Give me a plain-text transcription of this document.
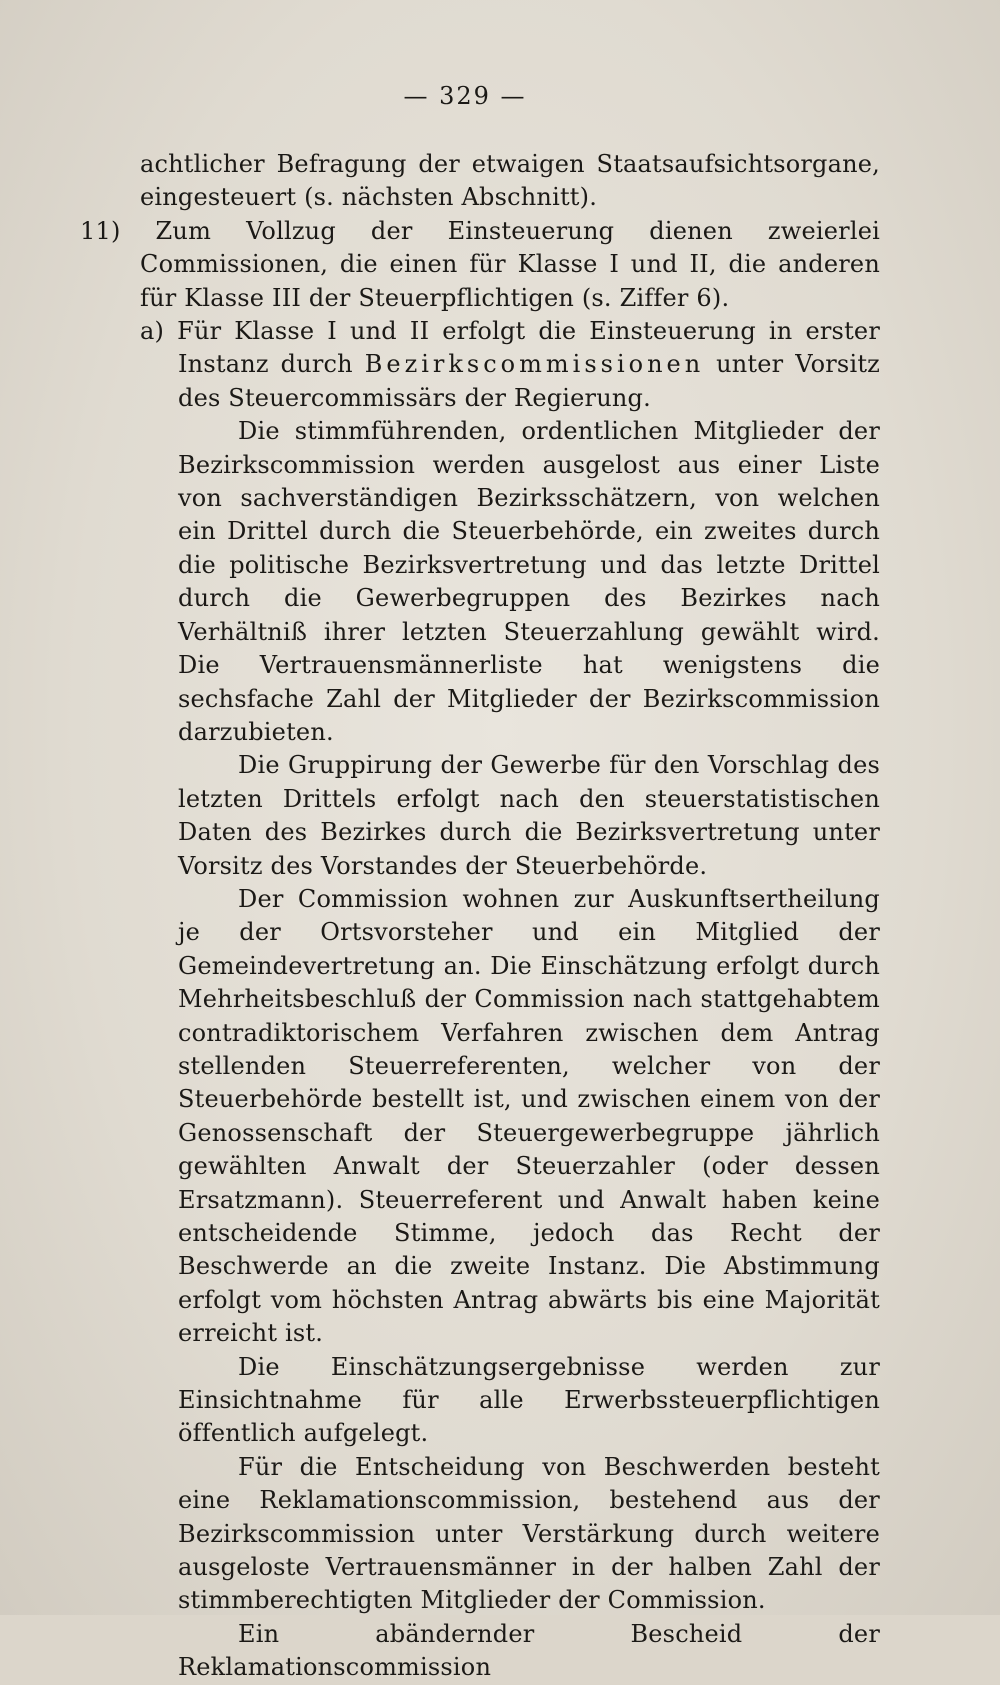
— 329 —

achtlicher Befragung der etwaigen Staatsaufsichtsorgane, eingesteuert (s. nächsten Abschnitt).

11) Zum Vollzug der Einsteuerung dienen zweierlei Commissionen, die einen für Klasse I und II, die anderen für Klasse III der Steuerpflichtigen (s. Ziffer 6).

a) Für Klasse I und II erfolgt die Einsteuerung in erster Instanz durch Bezirkscommissionen unter Vorsitz des Steuercommissärs der Regierung.

Die stimmführenden, ordentlichen Mitglieder der Bezirkscommission werden ausgelost aus einer Liste von sachverständigen Bezirksschätzern, von welchen ein Drittel durch die Steuerbehörde, ein zweites durch die politische Bezirksvertretung und das letzte Drittel durch die Gewerbegruppen des Bezirkes nach Verhältniß ihrer letzten Steuerzahlung gewählt wird. Die Vertrauensmännerliste hat wenigstens die sechsfache Zahl der Mitglieder der Bezirkscommission darzubieten.

Die Gruppirung der Gewerbe für den Vorschlag des letzten Drittels erfolgt nach den steuerstatistischen Daten des Bezirkes durch die Bezirksvertretung unter Vorsitz des Vorstandes der Steuerbehörde.

Der Commission wohnen zur Auskunftsertheilung je der Ortsvorsteher und ein Mitglied der Gemeindevertretung an. Die Einschätzung erfolgt durch Mehrheitsbeschluß der Commission nach stattgehabtem contradiktorischem Verfahren zwischen dem Antrag stellenden Steuerreferenten, welcher von der Steuerbehörde bestellt ist, und zwischen einem von der Genossenschaft der Steuergewerbegruppe jährlich gewählten Anwalt der Steuerzahler (oder dessen Ersatzmann). Steuerreferent und Anwalt haben keine entscheidende Stimme, jedoch das Recht der Beschwerde an die zweite Instanz. Die Abstimmung erfolgt vom höchsten Antrag abwärts bis eine Majorität erreicht ist.

Die Einschätzungsergebnisse werden zur Einsichtnahme für alle Erwerbssteuerpflichtigen öffentlich aufgelegt.

Für die Entscheidung von Beschwerden besteht eine Reklamationscommission, bestehend aus der Bezirkscommission unter Verstärkung durch weitere ausgeloste Vertrauensmänner in der halben Zahl der stimmberechtigten Mitglieder der Commission.

Ein abändernder Bescheid der Reklamationscommission
